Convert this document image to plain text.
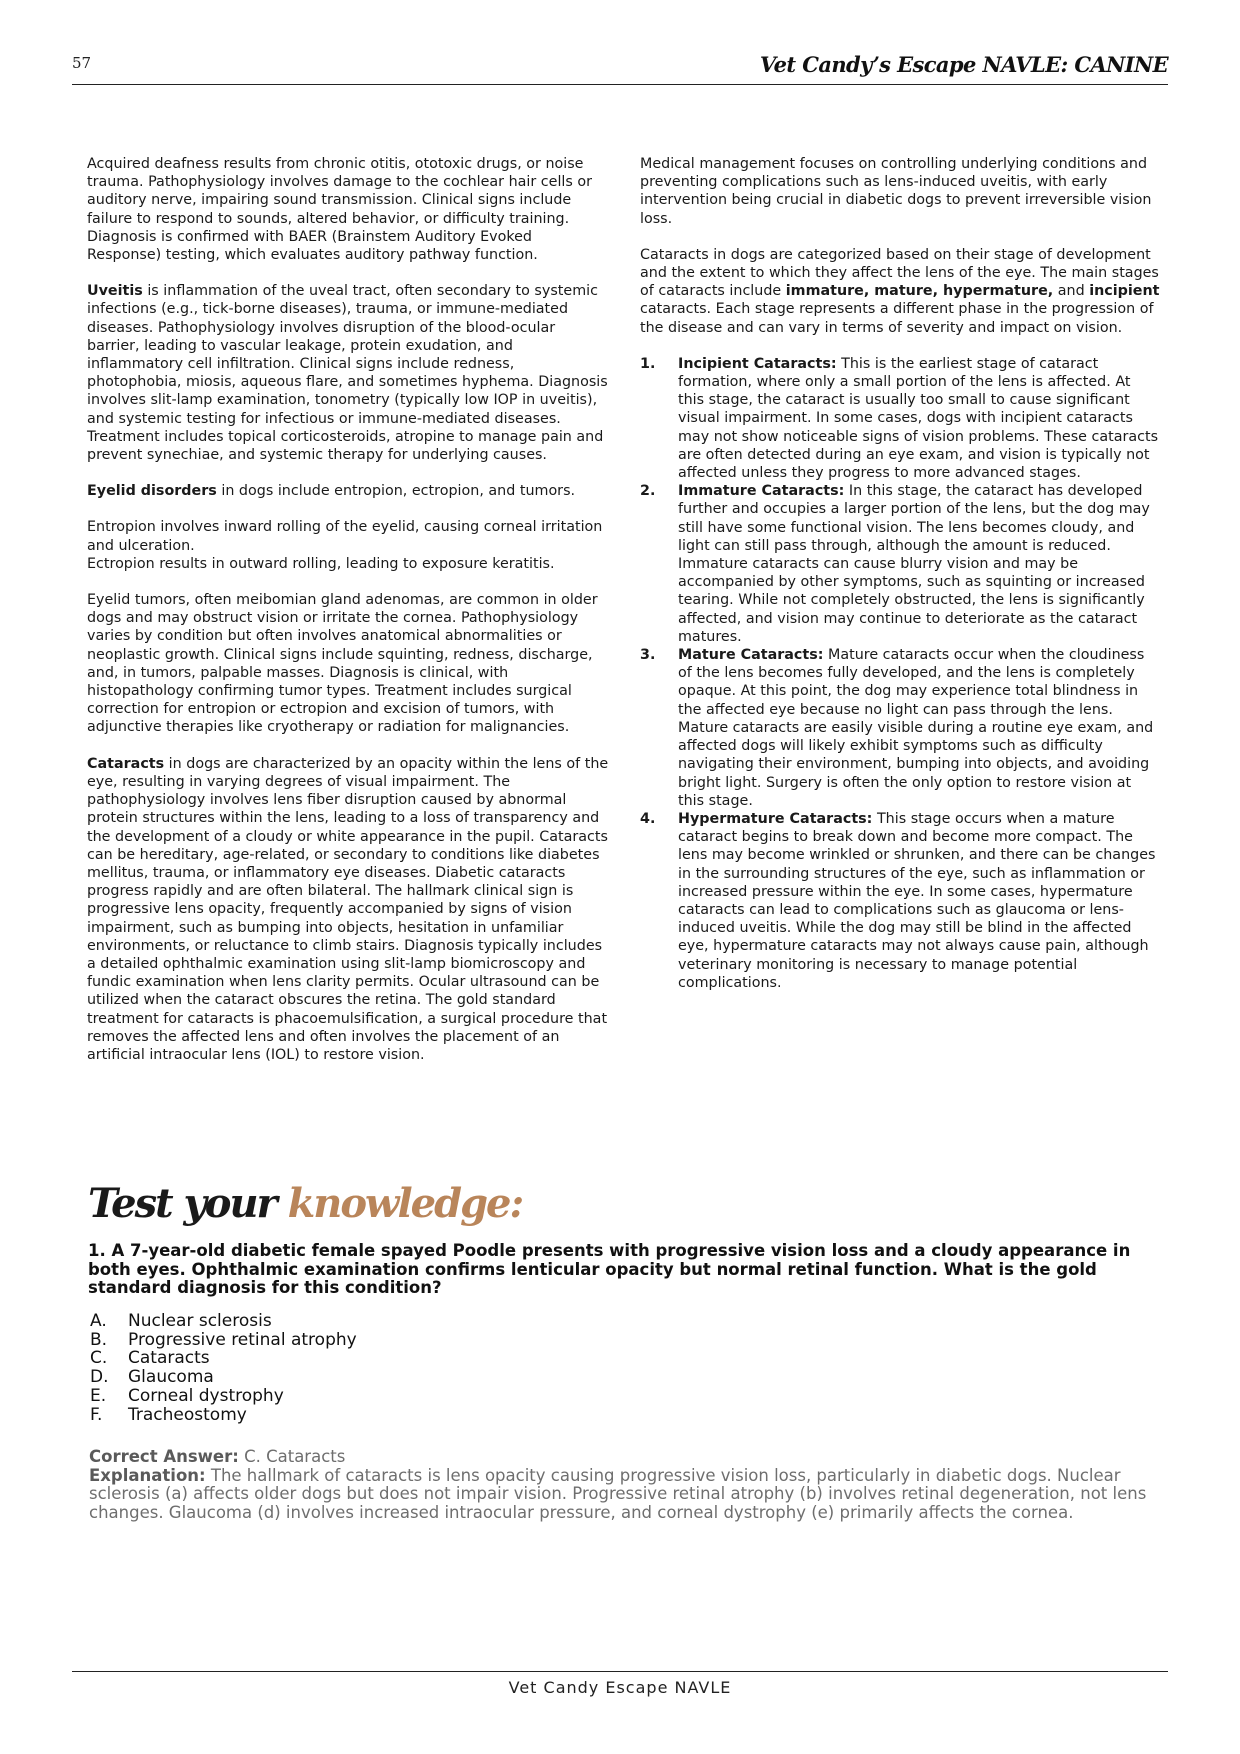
57	Vet Candy’s Escape NAVLE: CANINE

Acquired deafness results from chronic otitis, ototoxic drugs, or noise trauma. Pathophysiology involves damage to the cochlear hair cells or auditory nerve, impairing sound transmission. Clinical signs include failure to respond to sounds, altered behavior, or difficulty training. Diagnosis is confirmed with BAER (Brainstem Auditory Evoked Response) testing, which evaluates auditory pathway function.

Uveitis is inflammation of the uveal tract, often secondary to systemic infections (e.g., tick-borne diseases), trauma, or immune-mediated diseases. Pathophysiology involves disruption of the blood-ocular barrier, leading to vascular leakage, protein exudation, and inflammatory cell infiltration. Clinical signs include redness, photophobia, miosis, aqueous flare, and sometimes hyphema. Diagnosis involves slit-lamp examination, tonometry (typically low IOP in uveitis), and systemic testing for infectious or immune-mediated diseases. Treatment includes topical corticosteroids, atropine to manage pain and prevent synechiae, and systemic therapy for underlying causes.

Eyelid disorders in dogs include entropion, ectropion, and tumors.

Entropion involves inward rolling of the eyelid, causing corneal irritation and ulceration.

Ectropion results in outward rolling, leading to exposure keratitis.

Eyelid tumors, often meibomian gland adenomas, are common in older dogs and may obstruct vision or irritate the cornea. Pathophysiology varies by condition but often involves anatomical abnormalities or neoplastic growth. Clinical signs include squinting, redness, discharge, and, in tumors, palpable masses. Diagnosis is clinical, with histopathology confirming tumor types. Treatment includes surgical correction for entropion or ectropion and excision of tumors, with adjunctive therapies like cryotherapy or radiation for malignancies.

Cataracts in dogs are characterized by an opacity within the lens of the eye, resulting in varying degrees of visual impairment. The pathophysiology involves lens fiber disruption caused by abnormal protein structures within the lens, leading to a loss of transparency and the development of a cloudy or white appearance in the pupil. Cataracts can be hereditary, age-related, or secondary to conditions like diabetes mellitus, trauma, or inflammatory eye diseases. Diabetic cataracts progress rapidly and are often bilateral. The hallmark clinical sign is progressive lens opacity, frequently accompanied by signs of vision impairment, such as bumping into objects, hesitation in unfamiliar environments, or reluctance to climb stairs. Diagnosis typically includes a detailed ophthalmic examination using slit-lamp biomicroscopy and fundic examination when lens clarity permits. Ocular ultrasound can be utilized when the cataract obscures the retina. The gold standard treatment for cataracts is phacoemulsification, a surgical procedure that removes the affected lens and often involves the placement of an artificial intraocular lens (IOL) to restore vision.

Medical management focuses on controlling underlying conditions and preventing complications such as lens-induced uveitis, with early intervention being crucial in diabetic dogs to prevent irreversible vision loss.

Cataracts in dogs are categorized based on their stage of development and the extent to which they affect the lens of the eye. The main stages of cataracts include immature, mature, hypermature, and incipient cataracts. Each stage represents a different phase in the progression of the disease and can vary in terms of severity and impact on vision.

1. Incipient Cataracts: This is the earliest stage of cataract formation, where only a small portion of the lens is affected. At this stage, the cataract is usually too small to cause significant visual impairment. In some cases, dogs with incipient cataracts may not show noticeable signs of vision problems. These cataracts are often detected during an eye exam, and vision is typically not affected unless they progress to more advanced stages.
2. Immature Cataracts: In this stage, the cataract has developed further and occupies a larger portion of the lens, but the dog may still have some functional vision. The lens becomes cloudy, and light can still pass through, although the amount is reduced. Immature cataracts can cause blurry vision and may be accompanied by other symptoms, such as squinting or increased tearing. While not completely obstructed, the lens is significantly affected, and vision may continue to deteriorate as the cataract matures.
3. Mature Cataracts: Mature cataracts occur when the cloudiness of the lens becomes fully developed, and the lens is completely opaque. At this point, the dog may experience total blindness in the affected eye because no light can pass through the lens. Mature cataracts are easily visible during a routine eye exam, and affected dogs will likely exhibit symptoms such as difficulty navigating their environment, bumping into objects, and avoiding bright light. Surgery is often the only option to restore vision at this stage.
4. Hypermature Cataracts: This stage occurs when a mature cataract begins to break down and become more compact. The lens may become wrinkled or shrunken, and there can be changes in the surrounding structures of the eye, such as inflammation or increased pressure within the eye. In some cases, hypermature cataracts can lead to complications such as glaucoma or lens-induced uveitis. While the dog may still be blind in the affected eye, hypermature cataracts may not always cause pain, although veterinary monitoring is necessary to manage potential complications.
Test your knowledge:
1. A 7-year-old diabetic female spayed Poodle presents with progressive vision loss and a cloudy appearance in both eyes. Ophthalmic examination confirms lenticular opacity but normal retinal function. What is the gold standard diagnosis for this condition?
A. Nuclear sclerosis
B. Progressive retinal atrophy
C. Cataracts
D. Glaucoma
E. Corneal dystrophy
F. Tracheostomy

Correct Answer: C. Cataracts

Explanation: The hallmark of cataracts is lens opacity causing progressive vision loss, particularly in diabetic dogs. Nuclear sclerosis (a) affects older dogs but does not impair vision. Progressive retinal atrophy (b) involves retinal degeneration, not lens changes. Glaucoma (d) involves increased intraocular pressure, and corneal dystrophy (e) primarily affects the cornea.

Vet Candy Escape NAVLE
